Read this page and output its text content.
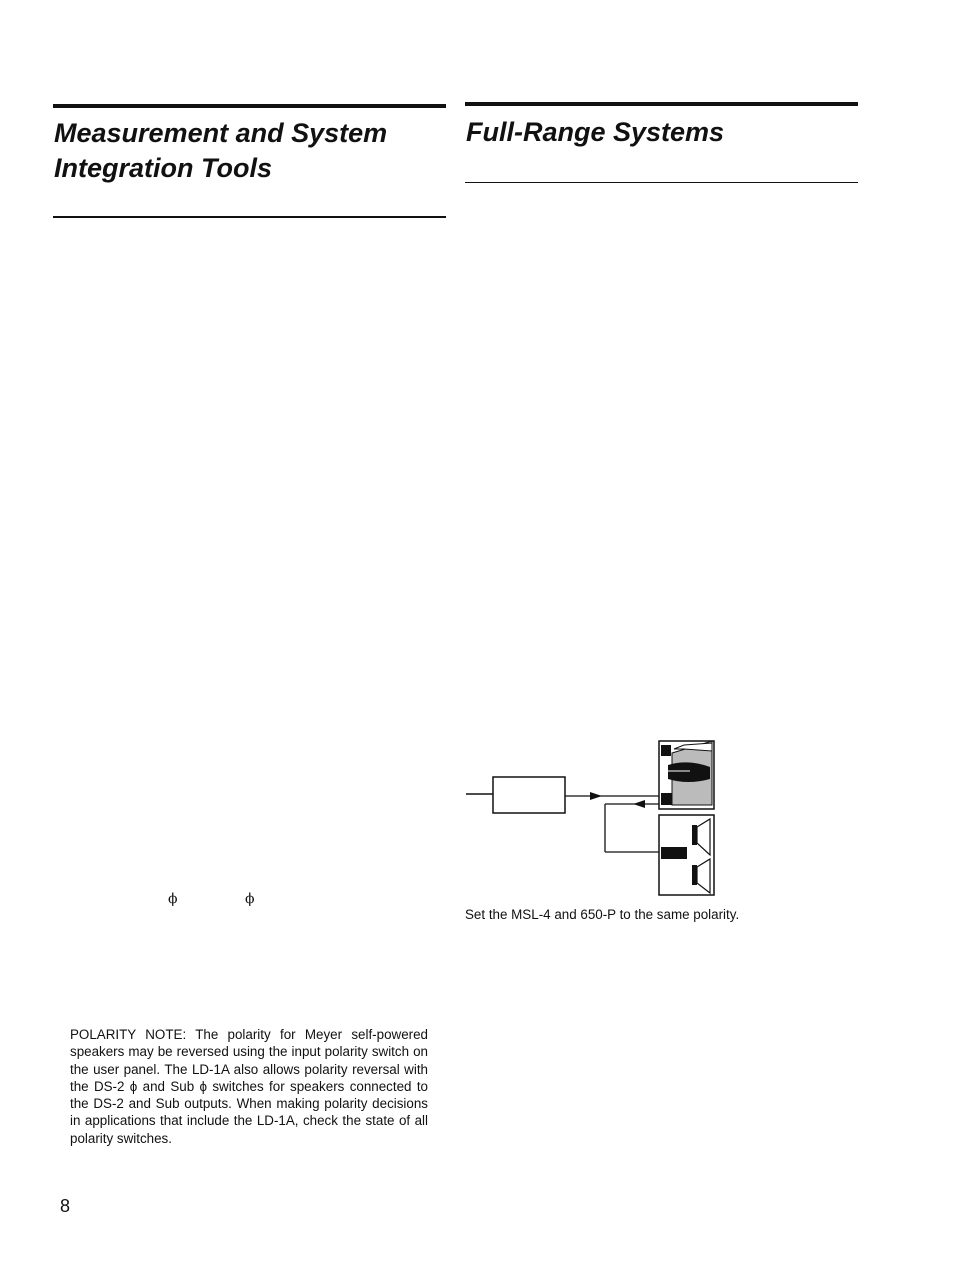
Measurement and System
Integration Tools
ϕ	ϕ

POLARITY NOTE: The polarity for Meyer self-powered speakers may be reversed using the input polarity switch on the user panel. The LD-1A also allows polarity reversal with the DS-2 ϕ and Sub ϕ switches for speakers connected to the DS-2 and Sub outputs. When making polarity decisions in applications that include the LD-1A, check the state of all polarity switches.

8
Full-Range Systems

Set the MSL-4 and 650-P to the same polarity.
